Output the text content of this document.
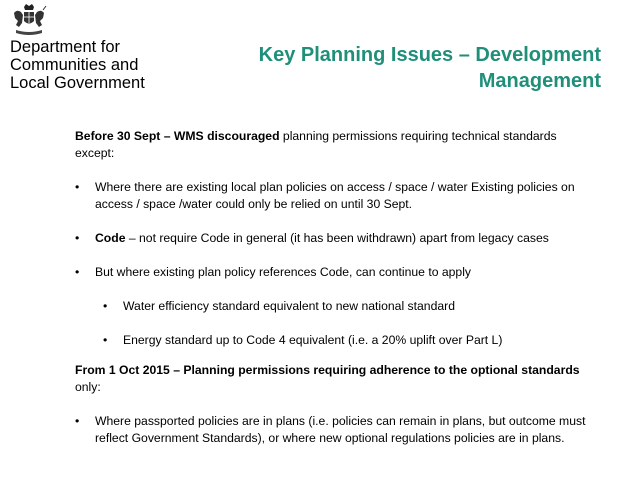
Department for
Communities and
Local Government
Key Planning Issues – Development
Management

Before 30 Sept – WMS discouraged planning permissions requiring technical standards except:

• Where there are existing local plan policies on access / space / water Existing policies on access / space /water could only be relied on until 30 Sept.

• Code – not require Code in general (it has been withdrawn) apart from legacy cases

• But where existing plan policy references Code, can continue to apply

• Water efficiency standard equivalent to new national standard

• Energy standard up to Code 4 equivalent (i.e. a 20% uplift over Part L)

From 1 Oct 2015 – Planning permissions requiring adherence to the optional standards
only:

• Where passported policies are in plans (i.e. policies can remain in plans, but outcome must reflect Government Standards), or where new optional regulations policies are in plans.
